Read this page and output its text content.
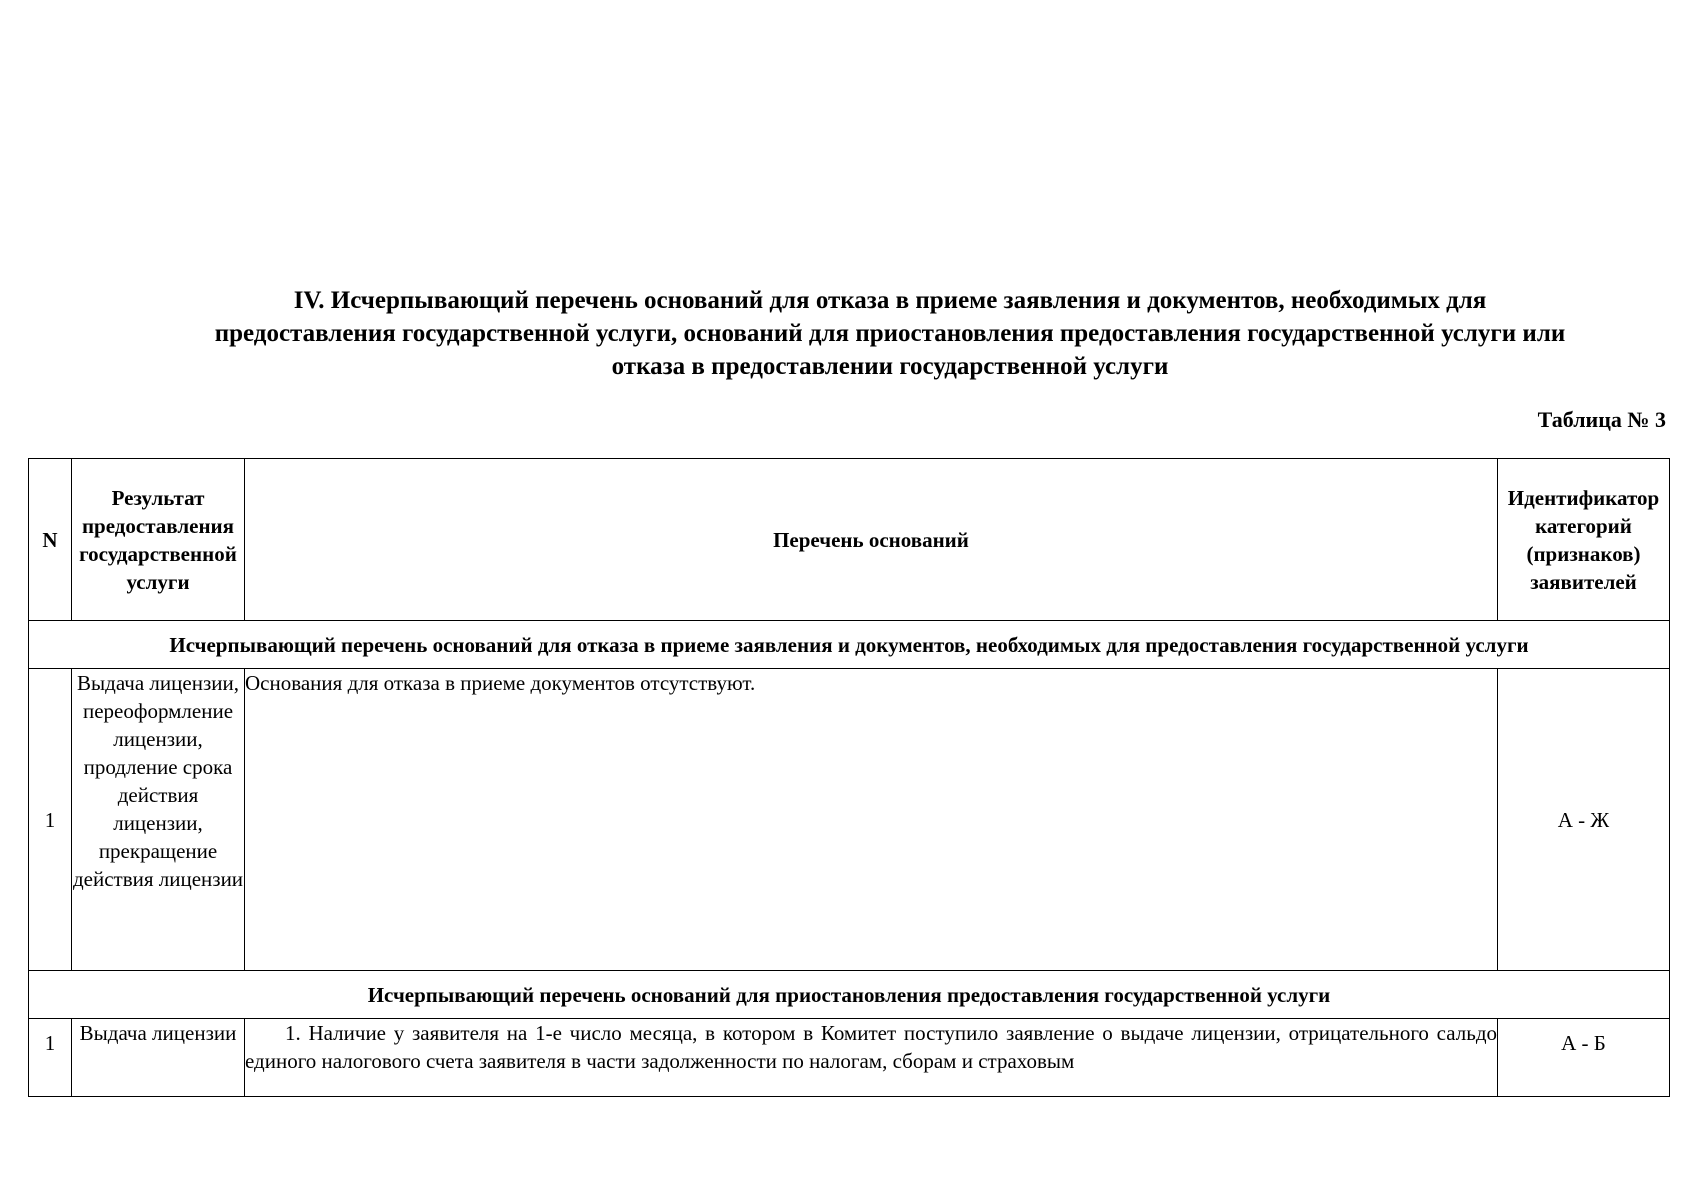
IV. Исчерпывающий перечень оснований для отказа в приеме заявления и документов, необходимых для
предоставления государственной услуги, оснований для приостановления предоставления государственной услуги или
отказа в предоставлении государственной услуги
Таблица № 3
N	Результат предоставления государственной услуги	Перечень оснований	Идентификатор категорий (признаков) заявителей
Исчерпывающий перечень оснований для отказа в приеме заявления и документов, необходимых для предоставления государственной услуги			
1	Выдача лицензии, переоформление лицензии, продление срока действия лицензии, прекращение действия лицензии	Основания для отказа в приеме документов отсутствуют.	А - Ж
Исчерпывающий перечень оснований для приостановления предоставления государственной услуги			
1	Выдача лицензии	1. Наличие у заявителя на 1-е число месяца, в котором в Комитет поступило заявление о выдаче лицензии, отрицательного сальдо единого налогового счета заявителя в части задолженности по налогам, сборам и страховым	А - Б
